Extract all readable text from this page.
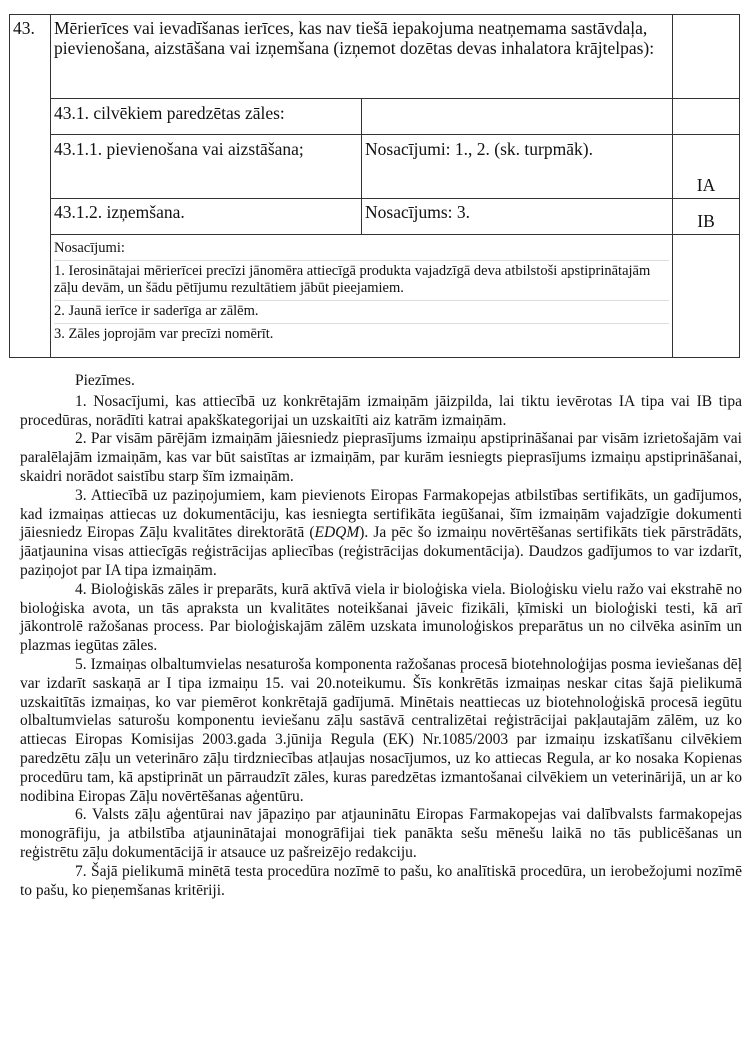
43.	Mērierīces vai ievadīšanas ierīces, kas nav tiešā iepakojuma neatņemama sastāvdaļa, pievienošana, aizstāšana vai izņemšana (izņemot dozētas devas inhalatora krājtelpas):		
	43.1. cilvēkiem paredzētas zāles:		
	43.1.1. pievienošana vai aizstāšana;	Nosacījumi: 1., 2. (sk. turpmāk).	IA
	43.1.2. izņemšana.	Nosacījums: 3.	IB

	Nosacījumi:
1. Ierosinātajai mērierīcei precīzi jānomēra attiecīgā produkta vajadzīgā deva atbilstoši apstiprinātajām zāļu devām, un šādu pētījumu rezultātiem jābūt pieejamiem.
2. Jaunā ierīce ir saderīga ar zālēm.
3. Zāles joprojām var precīzi nomērīt.		

Piezīmes.

1. Nosacījumi, kas attiecībā uz konkrētajām izmaiņām jāizpilda, lai tiktu ievērotas IA tipa vai IB tipa procedūras, norādīti katrai apakškategorijai un uzskaitīti aiz katrām izmaiņām.

2. Par visām pārējām izmaiņām jāiesniedz pieprasījums izmaiņu apstiprināšanai par visām izrietošajām vai paralēlajām izmaiņām, kas var būt saistītas ar izmaiņām, par kurām iesniegts pieprasījums izmaiņu apstiprināšanai, skaidri norādot saistību starp šīm izmaiņām.

3. Attiecībā uz paziņojumiem, kam pievienots Eiropas Farmakopejas atbilstības sertifikāts, un gadījumos, kad izmaiņas attiecas uz dokumentāciju, kas iesniegta sertifikāta iegūšanai, šīm izmaiņām vajadzīgie dokumenti jāiesniedz Eiropas Zāļu kvalitātes direktorātā (EDQM). Ja pēc šo izmaiņu novērtēšanas sertifikāts tiek pārstrādāts, jāatjaunina visas attiecīgās reģistrācijas apliecības (reģistrācijas dokumentācija). Daudzos gadījumos to var izdarīt, paziņojot par IA tipa izmaiņām.

4. Bioloģiskās zāles ir preparāts, kurā aktīvā viela ir bioloģiska viela. Bioloģisku vielu ražo vai ekstrahē no bioloģiska avota, un tās apraksta un kvalitātes noteikšanai jāveic fizikāli, ķīmiski un bioloģiski testi, kā arī jākontrolē ražošanas process. Par bioloģiskajām zālēm uzskata imunoloģiskos preparātus un no cilvēka asinīm un plazmas iegūtas zāles.

5. Izmaiņas olbaltumvielas nesaturoša komponenta ražošanas procesā biotehnoloģijas posma ieviešanas dēļ var izdarīt saskaņā ar I tipa izmaiņu 15. vai 20.noteikumu. Šīs konkrētās izmaiņas neskar citas šajā pielikumā uzskaitītās izmaiņas, ko var piemērot konkrētajā gadījumā. Minētais neattiecas uz biotehnoloģiskā procesā iegūtu olbaltumvielas saturošu komponentu ieviešanu zāļu sastāvā centralizētai reģistrācijai pakļautajām zālēm, uz ko attiecas Eiropas Komisijas 2003.gada 3.jūnija Regula (EK) Nr.1085/2003 par izmaiņu izskatīšanu cilvēkiem paredzētu zāļu un veterināro zāļu tirdzniecības atļaujas nosacījumos, uz ko attiecas Regula, ar ko nosaka Kopienas procedūru tam, kā apstiprināt un pārraudzīt zāles, kuras paredzētas izmantošanai cilvēkiem un veterinārijā, un ar ko nodibina Eiropas Zāļu novērtēšanas aģentūru.

6. Valsts zāļu aģentūrai nav jāpaziņo par atjauninātu Eiropas Farmakopejas vai dalībvalsts farmakopejas monogrāfiju, ja atbilstība atjauninātajai monogrāfijai tiek panākta sešu mēnešu laikā no tās publicēšanas un reģistrētu zāļu dokumentācijā ir atsauce uz pašreizējo redakciju.

7. Šajā pielikumā minētā testa procedūra nozīmē to pašu, ko analītiskā procedūra, un ierobežojumi nozīmē to pašu, ko pieņemšanas kritēriji.
